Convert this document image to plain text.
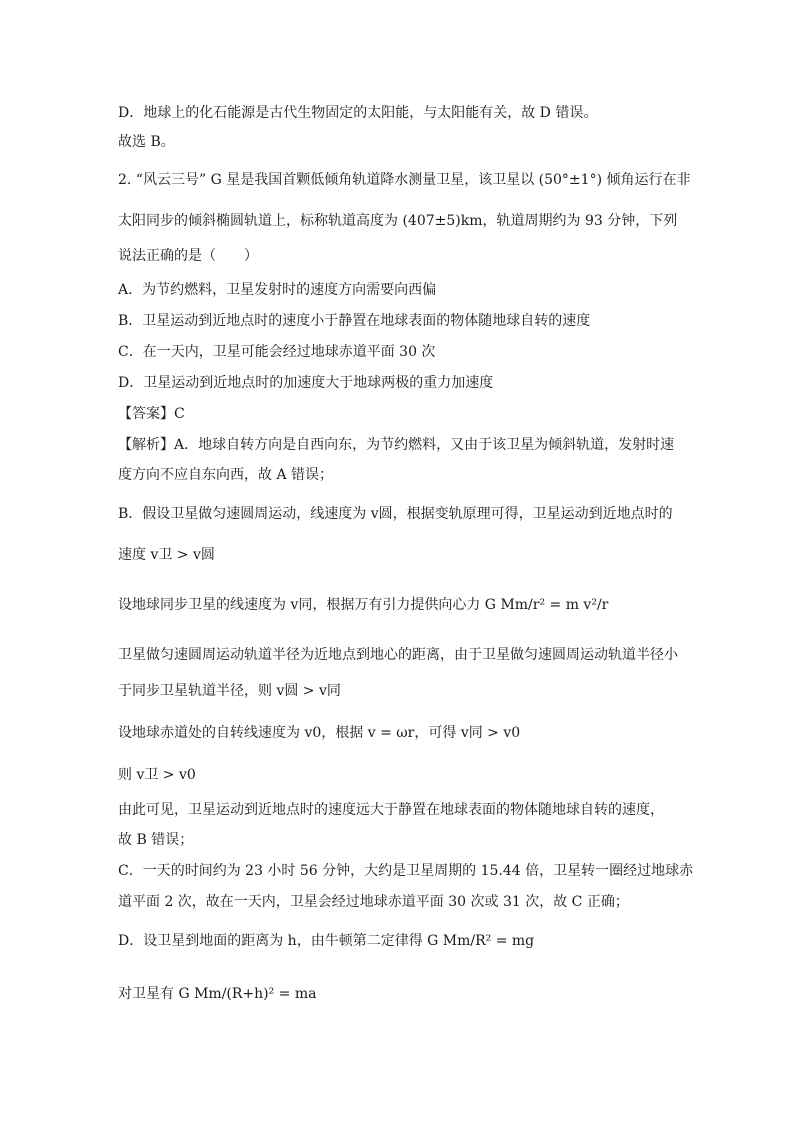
D．地球上的化石能源是古代生物固定的太阳能，与太阳能有关，故 D 错误。
故选 B。
2. “风云三号” G 星是我国首颗低倾角轨道降水测量卫星，该卫星以 (50°±1°) 倾角运行在非
太阳同步的倾斜椭圆轨道上，标称轨道高度为 (407±5)km，轨道周期约为 93 分钟，下列
说法正确的是（　　）
A．为节约燃料，卫星发射时的速度方向需要向西偏
B．卫星运动到近地点时的速度小于静置在地球表面的物体随地球自转的速度
C．在一天内，卫星可能会经过地球赤道平面 30 次
D．卫星运动到近地点时的加速度大于地球两极的重力加速度
【答案】C
【解析】A．地球自转方向是自西向东，为节约燃料，又由于该卫星为倾斜轨道，发射时速
度方向不应自东向西，故 A 错误；
B．假设卫星做匀速圆周运动，线速度为 v圆，根据变轨原理可得，卫星运动到近地点时的
速度 v卫 > v圆
设地球同步卫星的线速度为 v同，根据万有引力提供向心力 G Mm/r² = m v²/r
卫星做匀速圆周运动轨道半径为近地点到地心的距离，由于卫星做匀速圆周运动轨道半径小
于同步卫星轨道半径，则 v圆 > v同
设地球赤道处的自转线速度为 v0，根据 v = ωr，可得 v同 > v0
则 v卫 > v0
由此可见，卫星运动到近地点时的速度远大于静置在地球表面的物体随地球自转的速度，
故 B 错误；
C．一天的时间约为 23 小时 56 分钟，大约是卫星周期的 15.44 倍，卫星转一圈经过地球赤
道平面 2 次，故在一天内，卫星会经过地球赤道平面 30 次或 31 次，故 C 正确；
D．设卫星到地面的距离为 h，由牛顿第二定律得 G Mm/R² = mg
对卫星有 G Mm/(R+h)² = ma
